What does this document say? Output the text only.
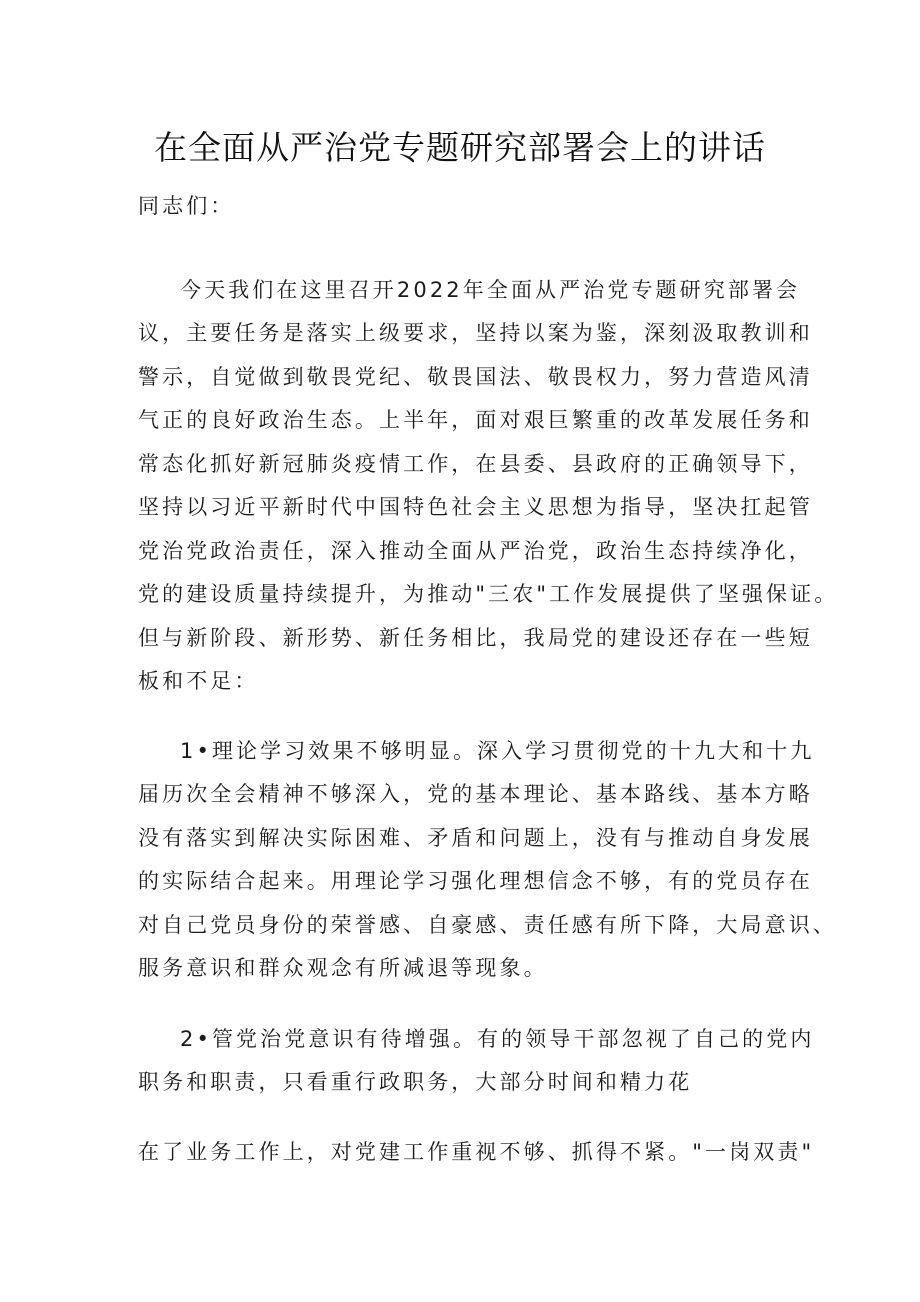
在全面从严治党专题研究部署会上的讲话
同志们：
今天我们在这里召开2022年全面从严治党专题研究部署会
议，主要任务是落实上级要求，坚持以案为鉴，深刻汲取教训和
警示，自觉做到敬畏党纪、敬畏国法、敬畏权力，努力营造风清
气正的良好政治生态。上半年，面对艰巨繁重的改革发展任务和
常态化抓好新冠肺炎疫情工作，在县委、县政府的正确领导下，
坚持以习近平新时代中国特色社会主义思想为指导，坚决扛起管
党治党政治责任，深入推动全面从严治党，政治生态持续净化，
党的建设质量持续提升，为推动"三农"工作发展提供了坚强保证。
但与新阶段、新形势、新任务相比，我局党的建设还存在一些短
板和不足：
1•理论学习效果不够明显。深入学习贯彻党的十九大和十九
届历次全会精神不够深入，党的基本理论、基本路线、基本方略
没有落实到解决实际困难、矛盾和问题上，没有与推动自身发展
的实际结合起来。用理论学习强化理想信念不够，有的党员存在
对自己党员身份的荣誉感、自豪感、责任感有所下降，大局意识、
服务意识和群众观念有所减退等现象。
2•管党治党意识有待增强。有的领导干部忽视了自己的党内
职务和职责，只看重行政职务，大部分时间和精力花
在了业务工作上，对党建工作重视不够、抓得不紧。"一岗双责"
